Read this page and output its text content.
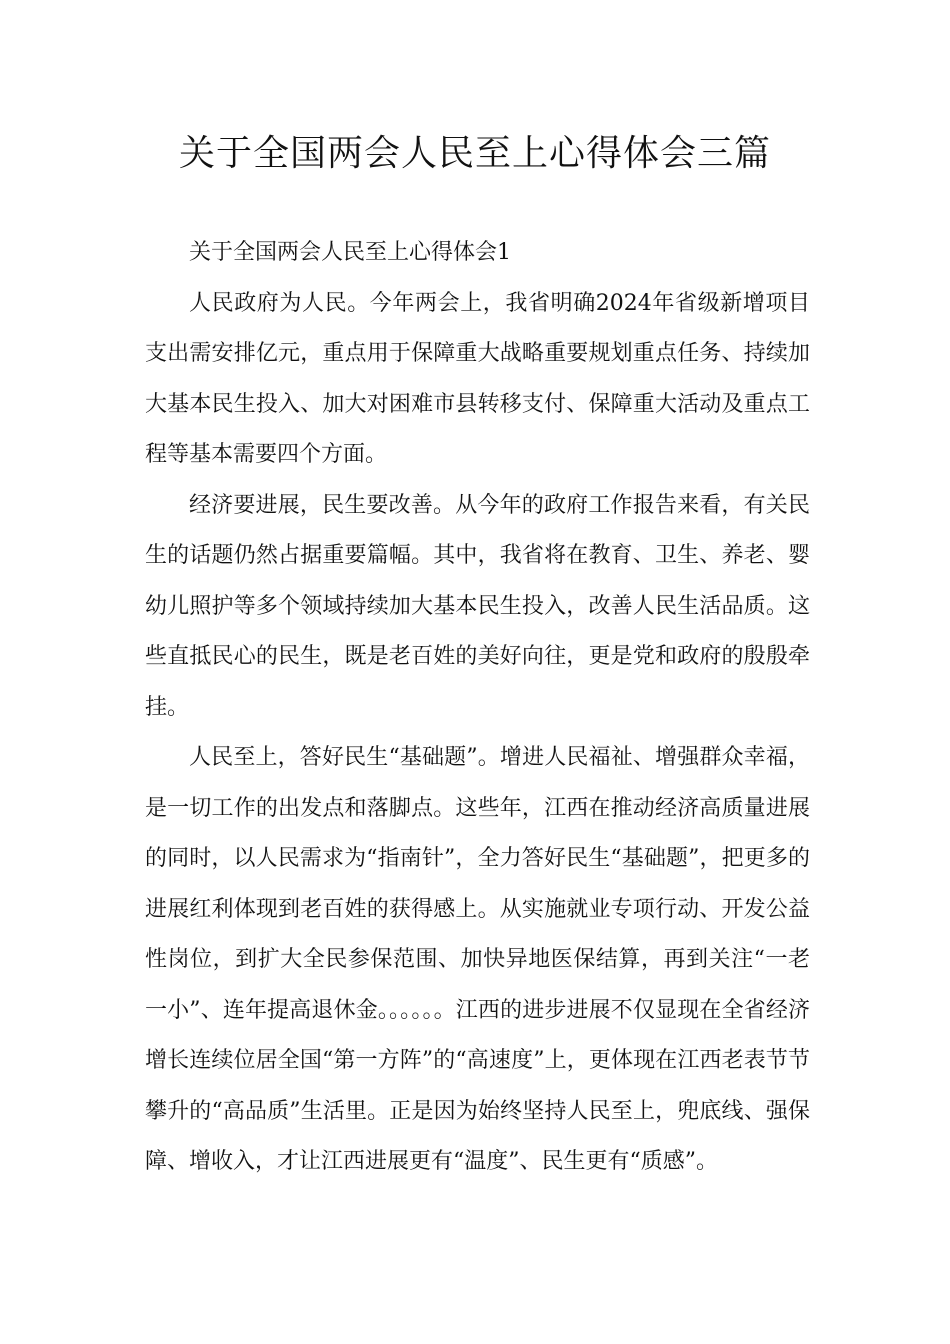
关于全国两会人民至上心得体会三篇

关于全国两会人民至上心得体会1

人民政府为人民。今年两会上，我省明确2024年省级新增项目支出需安排亿元，重点用于保障重大战略重要规划重点任务、持续加大基本民生投入、加大对困难市县转移支付、保障重大活动及重点工程等基本需要四个方面。

经济要进展，民生要改善。从今年的政府工作报告来看，有关民生的话题仍然占据重要篇幅。其中，我省将在教育、卫生、养老、婴幼儿照护等多个领域持续加大基本民生投入，改善人民生活品质。这些直抵民心的民生，既是老百姓的美好向往，更是党和政府的殷殷牵挂。

人民至上，答好民生“基础题”。增进人民福祉、增强群众幸福，是一切工作的出发点和落脚点。这些年，江西在推动经济高质量进展的同时，以人民需求为“指南针”，全力答好民生“基础题”，把更多的进展红利体现到老百姓的获得感上。从实施就业专项行动、开发公益性岗位，到扩大全民参保范围、加快异地医保结算，再到关注“一老一小”、连年提高退休金。。。。。。江西的进步进展不仅显现在全省经济增长连续位居全国“第一方阵”的“高速度”上，更体现在江西老表节节攀升的“高品质”生活里。正是因为始终坚持人民至上，兜底线、强保障、增收入，才让江西进展更有“温度”、民生更有“质感”。
